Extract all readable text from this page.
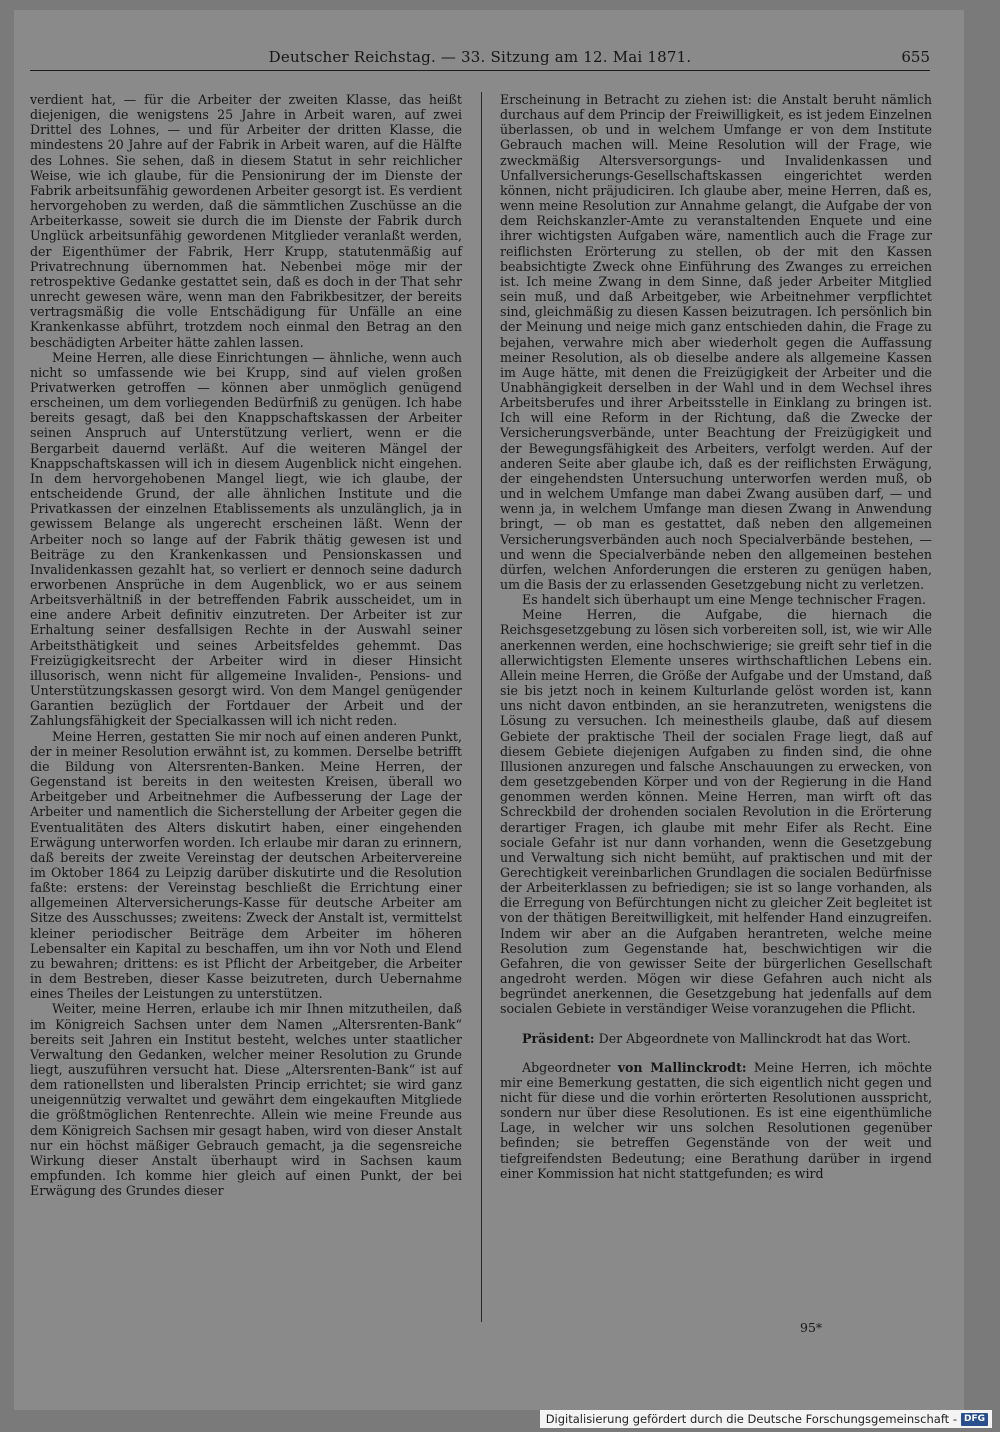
Deutscher Reichstag. — 33. Sitzung am 12. Mai 1871.	655

verdient hat, — für die Arbeiter der zweiten Klasse, das heißt diejenigen, die wenigstens 25 Jahre in Arbeit waren, auf zwei Drittel des Lohnes, — und für Arbeiter der dritten Klasse, die mindestens 20 Jahre auf der Fabrik in Arbeit waren, auf die Hälfte des Lohnes. Sie sehen, daß in diesem Statut in sehr reichlicher Weise, wie ich glaube, für die Pensionirung der im Dienste der Fabrik arbeitsunfähig gewordenen Arbeiter gesorgt ist. Es verdient hervorgehoben zu werden, daß die sämmtlichen Zuschüsse an die Arbeiterkasse, soweit sie durch die im Dienste der Fabrik durch Unglück arbeitsunfähig gewordenen Mitglieder veranlaßt werden, der Eigenthümer der Fabrik, Herr Krupp, statutenmäßig auf Privatrechnung übernommen hat. Nebenbei möge mir der retrospektive Gedanke gestattet sein, daß es doch in der That sehr unrecht gewesen wäre, wenn man den Fabrikbesitzer, der bereits vertragsmäßig die volle Entschädigung für Unfälle an eine Krankenkasse abführt, trotzdem noch einmal den Betrag an den beschädigten Arbeiter hätte zahlen lassen.

Meine Herren, alle diese Einrichtungen — ähnliche, wenn auch nicht so umfassende wie bei Krupp, sind auf vielen großen Privatwerken getroffen — können aber unmöglich genügend erscheinen, um dem vorliegenden Bedürfniß zu genügen. Ich habe bereits gesagt, daß bei den Knappschaftskassen der Arbeiter seinen Anspruch auf Unterstützung verliert, wenn er die Bergarbeit dauernd verläßt. Auf die weiteren Mängel der Knappschaftskassen will ich in diesem Augenblick nicht eingehen. In dem hervorgehobenen Mangel liegt, wie ich glaube, der entscheidende Grund, der alle ähnlichen Institute und die Privatkassen der einzelnen Etablissements als unzulänglich, ja in gewissem Belange als ungerecht erscheinen läßt. Wenn der Arbeiter noch so lange auf der Fabrik thätig gewesen ist und Beiträge zu den Krankenkassen und Pensionskassen und Invalidenkassen gezahlt hat, so verliert er dennoch seine dadurch erworbenen Ansprüche in dem Augenblick, wo er aus seinem Arbeitsverhältniß in der betreffenden Fabrik ausscheidet, um in eine andere Arbeit definitiv einzutreten. Der Arbeiter ist zur Erhaltung seiner desfallsigen Rechte in der Auswahl seiner Arbeitsthätigkeit und seines Arbeitsfeldes gehemmt. Das Freizügigkeitsrecht der Arbeiter wird in dieser Hinsicht illusorisch, wenn nicht für allgemeine Invaliden-, Pensions- und Unterstützungskassen gesorgt wird. Von dem Mangel genügender Garantien bezüglich der Fortdauer der Arbeit und der Zahlungsfähigkeit der Specialkassen will ich nicht reden.

Meine Herren, gestatten Sie mir noch auf einen anderen Punkt, der in meiner Resolution erwähnt ist, zu kommen. Derselbe betrifft die Bildung von Altersrenten-Banken. Meine Herren, der Gegenstand ist bereits in den weitesten Kreisen, überall wo Arbeitgeber und Arbeitnehmer die Aufbesserung der Lage der Arbeiter und namentlich die Sicherstellung der Arbeiter gegen die Eventualitäten des Alters diskutirt haben, einer eingehenden Erwägung unterworfen worden. Ich erlaube mir daran zu erinnern, daß bereits der zweite Vereinstag der deutschen Arbeitervereine im Oktober 1864 zu Leipzig darüber diskutirte und die Resolution faßte: erstens: der Vereinstag beschließt die Errichtung einer allgemeinen Alterversicherungs-Kasse für deutsche Arbeiter am Sitze des Ausschusses; zweitens: Zweck der Anstalt ist, vermittelst kleiner periodischer Beiträge dem Arbeiter im höheren Lebensalter ein Kapital zu beschaffen, um ihn vor Noth und Elend zu bewahren; drittens: es ist Pflicht der Arbeitgeber, die Arbeiter in dem Bestreben, dieser Kasse beizutreten, durch Uebernahme eines Theiles der Leistungen zu unterstützen.

Weiter, meine Herren, erlaube ich mir Ihnen mitzutheilen, daß im Königreich Sachsen unter dem Namen „Altersrenten-Bank“ bereits seit Jahren ein Institut besteht, welches unter staatlicher Verwaltung den Gedanken, welcher meiner Resolution zu Grunde liegt, auszuführen versucht hat. Diese „Altersrenten-Bank“ ist auf dem rationellsten und liberalsten Princip errichtet; sie wird ganz uneigennützig verwaltet und gewährt dem eingekauften Mitgliede die größtmöglichen Rentenrechte. Allein wie meine Freunde aus dem Königreich Sachsen mir gesagt haben, wird von dieser Anstalt nur ein höchst mäßiger Gebrauch gemacht, ja die segensreiche Wirkung dieser Anstalt überhaupt wird in Sachsen kaum empfunden. Ich komme hier gleich auf einen Punkt, der bei Erwägung des Grundes dieser

Erscheinung in Betracht zu ziehen ist: die Anstalt beruht nämlich durchaus auf dem Princip der Freiwilligkeit, es ist jedem Einzelnen überlassen, ob und in welchem Umfange er von dem Institute Gebrauch machen will. Meine Resolution will der Frage, wie zweckmäßig Altersversorgungs- und Invalidenkassen und Unfallversicherungs-Gesellschaftskassen eingerichtet werden können, nicht präjudiciren. Ich glaube aber, meine Herren, daß es, wenn meine Resolution zur Annahme gelangt, die Aufgabe der von dem Reichskanzler-Amte zu veranstaltenden Enquete und eine ihrer wichtigsten Aufgaben wäre, namentlich auch die Frage zur reiflichsten Erörterung zu stellen, ob der mit den Kassen beabsichtigte Zweck ohne Einführung des Zwanges zu erreichen ist. Ich meine Zwang in dem Sinne, daß jeder Arbeiter Mitglied sein muß, und daß Arbeitgeber, wie Arbeitnehmer verpflichtet sind, gleichmäßig zu diesen Kassen beizutragen. Ich persönlich bin der Meinung und neige mich ganz entschieden dahin, die Frage zu bejahen, verwahre mich aber wiederholt gegen die Auffassung meiner Resolution, als ob dieselbe andere als allgemeine Kassen im Auge hätte, mit denen die Freizügigkeit der Arbeiter und die Unabhängigkeit derselben in der Wahl und in dem Wechsel ihres Arbeitsberufes und ihrer Arbeitsstelle in Einklang zu bringen ist. Ich will eine Reform in der Richtung, daß die Zwecke der Versicherungsverbände, unter Beachtung der Freizügigkeit und der Bewegungsfähigkeit des Arbeiters, verfolgt werden. Auf der anderen Seite aber glaube ich, daß es der reiflichsten Erwägung, der eingehendsten Untersuchung unterworfen werden muß, ob und in welchem Umfange man dabei Zwang ausüben darf, — und wenn ja, in welchem Umfange man diesen Zwang in Anwendung bringt, — ob man es gestattet, daß neben den allgemeinen Versicherungsverbänden auch noch Specialverbände bestehen, — und wenn die Specialverbände neben den allgemeinen bestehen dürfen, welchen Anforderungen die ersteren zu genügen haben, um die Basis der zu erlassenden Gesetzgebung nicht zu verletzen.

Es handelt sich überhaupt um eine Menge technischer Fragen.

Meine Herren, die Aufgabe, die hiernach die Reichsgesetzgebung zu lösen sich vorbereiten soll, ist, wie wir Alle anerkennen werden, eine hochschwierige; sie greift sehr tief in die allerwichtigsten Elemente unseres wirthschaftlichen Lebens ein. Allein meine Herren, die Größe der Aufgabe und der Umstand, daß sie bis jetzt noch in keinem Kulturlande gelöst worden ist, kann uns nicht davon entbinden, an sie heranzutreten, wenigstens die Lösung zu versuchen. Ich meinestheils glaube, daß auf diesem Gebiete der praktische Theil der socialen Frage liegt, daß auf diesem Gebiete diejenigen Aufgaben zu finden sind, die ohne Illusionen anzuregen und falsche Anschauungen zu erwecken, von dem gesetzgebenden Körper und von der Regierung in die Hand genommen werden können. Meine Herren, man wirft oft das Schreckbild der drohenden socialen Revolution in die Erörterung derartiger Fragen, ich glaube mit mehr Eifer als Recht. Eine sociale Gefahr ist nur dann vorhanden, wenn die Gesetzgebung und Verwaltung sich nicht bemüht, auf praktischen und mit der Gerechtigkeit vereinbarlichen Grundlagen die socialen Bedürfnisse der Arbeiterklassen zu befriedigen; sie ist so lange vorhanden, als die Erregung von Befürchtungen nicht zu gleicher Zeit begleitet ist von der thätigen Bereitwilligkeit, mit helfender Hand einzugreifen. Indem wir aber an die Aufgaben herantreten, welche meine Resolution zum Gegenstande hat, beschwichtigen wir die Gefahren, die von gewisser Seite der bürgerlichen Gesellschaft angedroht werden. Mögen wir diese Gefahren auch nicht als begründet anerkennen, die Gesetzgebung hat jedenfalls auf dem socialen Gebiete in verständiger Weise voranzugehen die Pflicht.

Präsident: Der Abgeordnete von Mallinckrodt hat das Wort.

Abgeordneter von Mallinckrodt: Meine Herren, ich möchte mir eine Bemerkung gestatten, die sich eigentlich nicht gegen und nicht für diese und die vorhin erörterten Resolutionen ausspricht, sondern nur über diese Resolutionen. Es ist eine eigenthümliche Lage, in welcher wir uns solchen Resolutionen gegenüber befinden; sie betreffen Gegenstände von der weit und tiefgreifendsten Bedeutung; eine Berathung darüber in irgend einer Kommission hat nicht stattgefunden; es wird

95*
Digitalisierung gefördert durch die Deutsche Forschungsgemeinschaft - DFG
